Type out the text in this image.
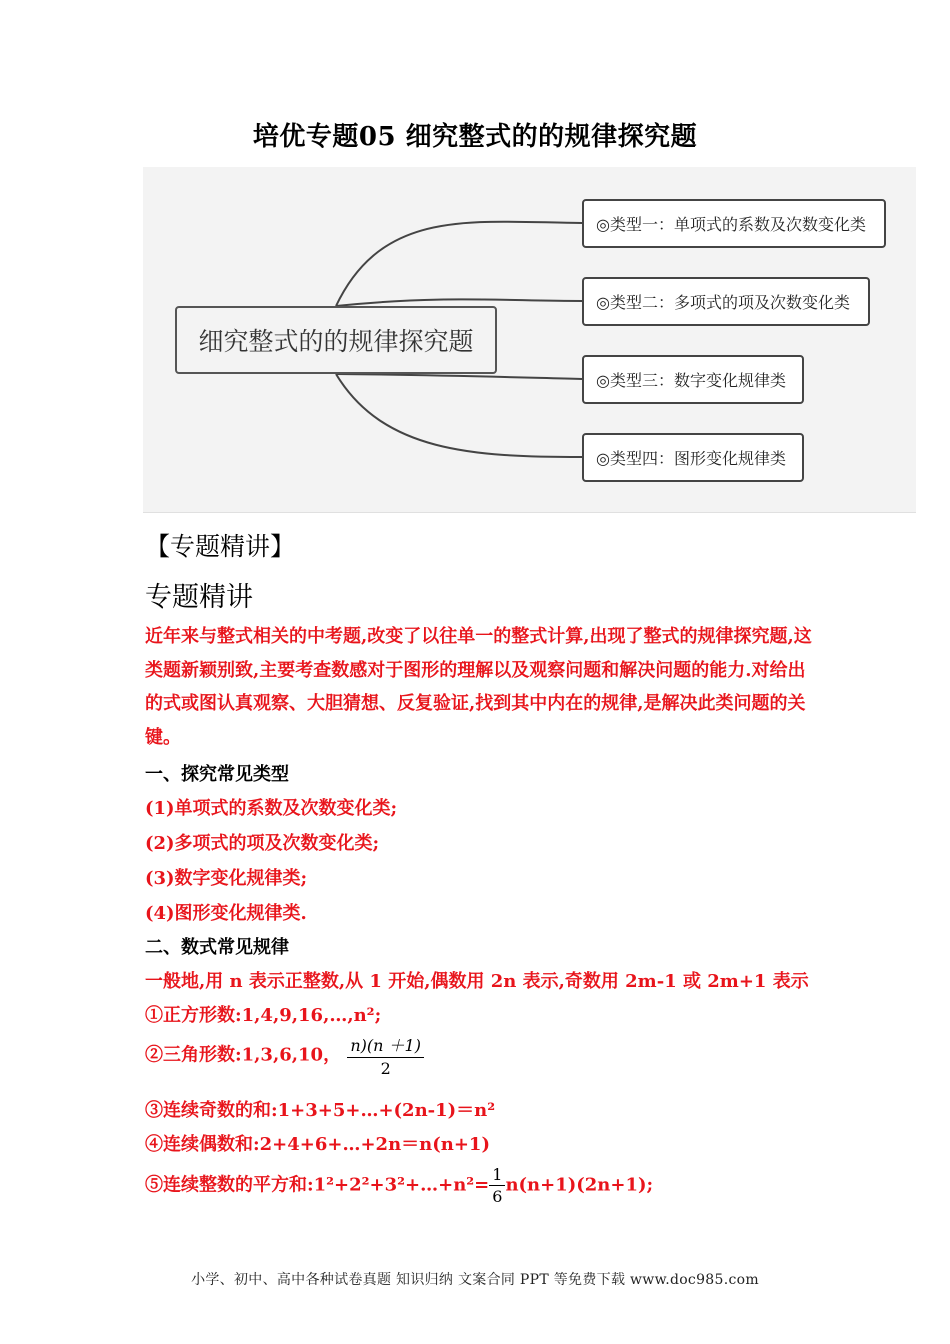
培优专题05 细究整式的的规律探究题
细究整式的的规律探究题
◎类型一：单项式的系数及次数变化类
◎类型二：多项式的项及次数变化类
◎类型三：数字变化规律类
◎类型四：图形变化规律类
【专题精讲】
专题精讲
近年来与整式相关的中考题,改变了以往单一的整式计算,出现了整式的规律探究题,这类题新颖别致,主要考查数感对于图形的理解以及观察问题和解决问题的能力.对给出的式或图认真观察、大胆猜想、反复验证,找到其中内在的规律,是解决此类问题的关键。
一、探究常见类型
(1)单项式的系数及次数变化类;
(2)多项式的项及次数变化类;
(3)数字变化规律类;
(4)图形变化规律类.
二、数式常见规律
一般地,用 n 表示正整数,从 1 开始,偶数用 2n 表示,奇数用 2m-1 或 2m+1 表示
①正方形数:1,4,9,16,…,n²;
②三角形数:1,3,6,10， $\frac{n)(n +1)}{2}$
③连续奇数的和:1+3+5+…+(2n-1)＝n²
④连续偶数和:2+4+6+…+2n＝n(n+1)
⑤连续整数的平方和:1²+2²+3²+…+n²= $\frac{1}{6} n(n+1)(2n+1)$;
小学、初中、高中各种试卷真题 知识归纳 文案合同 PPT 等免费下载 www.doc985.com
